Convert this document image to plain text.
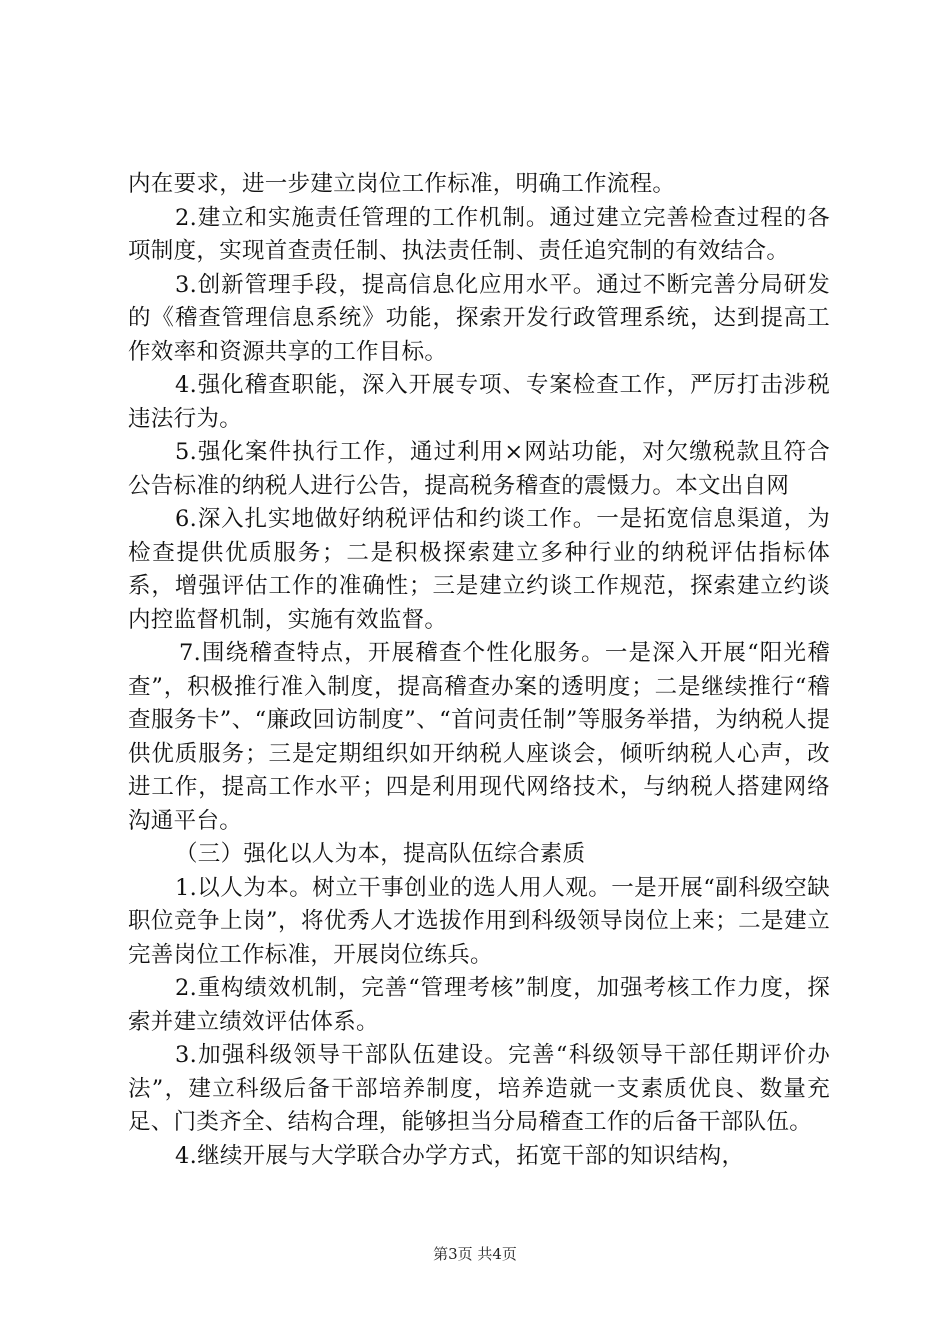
内在要求，进一步建立岗位工作标准，明确工作流程。

2.建立和实施责任管理的工作机制。通过建立完善检查过程的各项制度，实现首查责任制、执法责任制、责任追究制的有效结合。

3.创新管理手段，提高信息化应用水平。通过不断完善分局研发的《稽查管理信息系统》功能，探索开发行政管理系统，达到提高工作效率和资源共享的工作目标。

4.强化稽查职能，深入开展专项、专案检查工作，严厉打击涉税违法行为。

5.强化案件执行工作，通过利用×网站功能，对欠缴税款且符合公告标准的纳税人进行公告，提高税务稽查的震慑力。本文出自网

6.深入扎实地做好纳税评估和约谈工作。一是拓宽信息渠道，为检查提供优质服务；二是积极探索建立多种行业的纳税评估指标体系，增强评估工作的准确性；三是建立约谈工作规范，探索建立约谈内控监督机制，实施有效监督。

7.围绕稽查特点，开展稽查个性化服务。一是深入开展“阳光稽查”，积极推行准入制度，提高稽查办案的透明度；二是继续推行“稽查服务卡”、“廉政回访制度”、“首问责任制”等服务举措，为纳税人提供优质服务；三是定期组织如开纳税人座谈会，倾听纳税人心声，改进工作，提高工作水平；四是利用现代网络技术，与纳税人搭建网络沟通平台。

（三）强化以人为本，提高队伍综合素质

1.以人为本。树立干事创业的选人用人观。一是开展“副科级空缺职位竞争上岗”，将优秀人才选拔作用到科级领导岗位上来；二是建立完善岗位工作标准，开展岗位练兵。

2.重构绩效机制，完善“管理考核”制度，加强考核工作力度，探索并建立绩效评估体系。

3.加强科级领导干部队伍建设。完善“科级领导干部任期评价办法”，建立科级后备干部培养制度，培养造就一支素质优良、数量充足、门类齐全、结构合理，能够担当分局稽查工作的后备干部队伍。

4.继续开展与大学联合办学方式，拓宽干部的知识结构，

第3页 共4页
